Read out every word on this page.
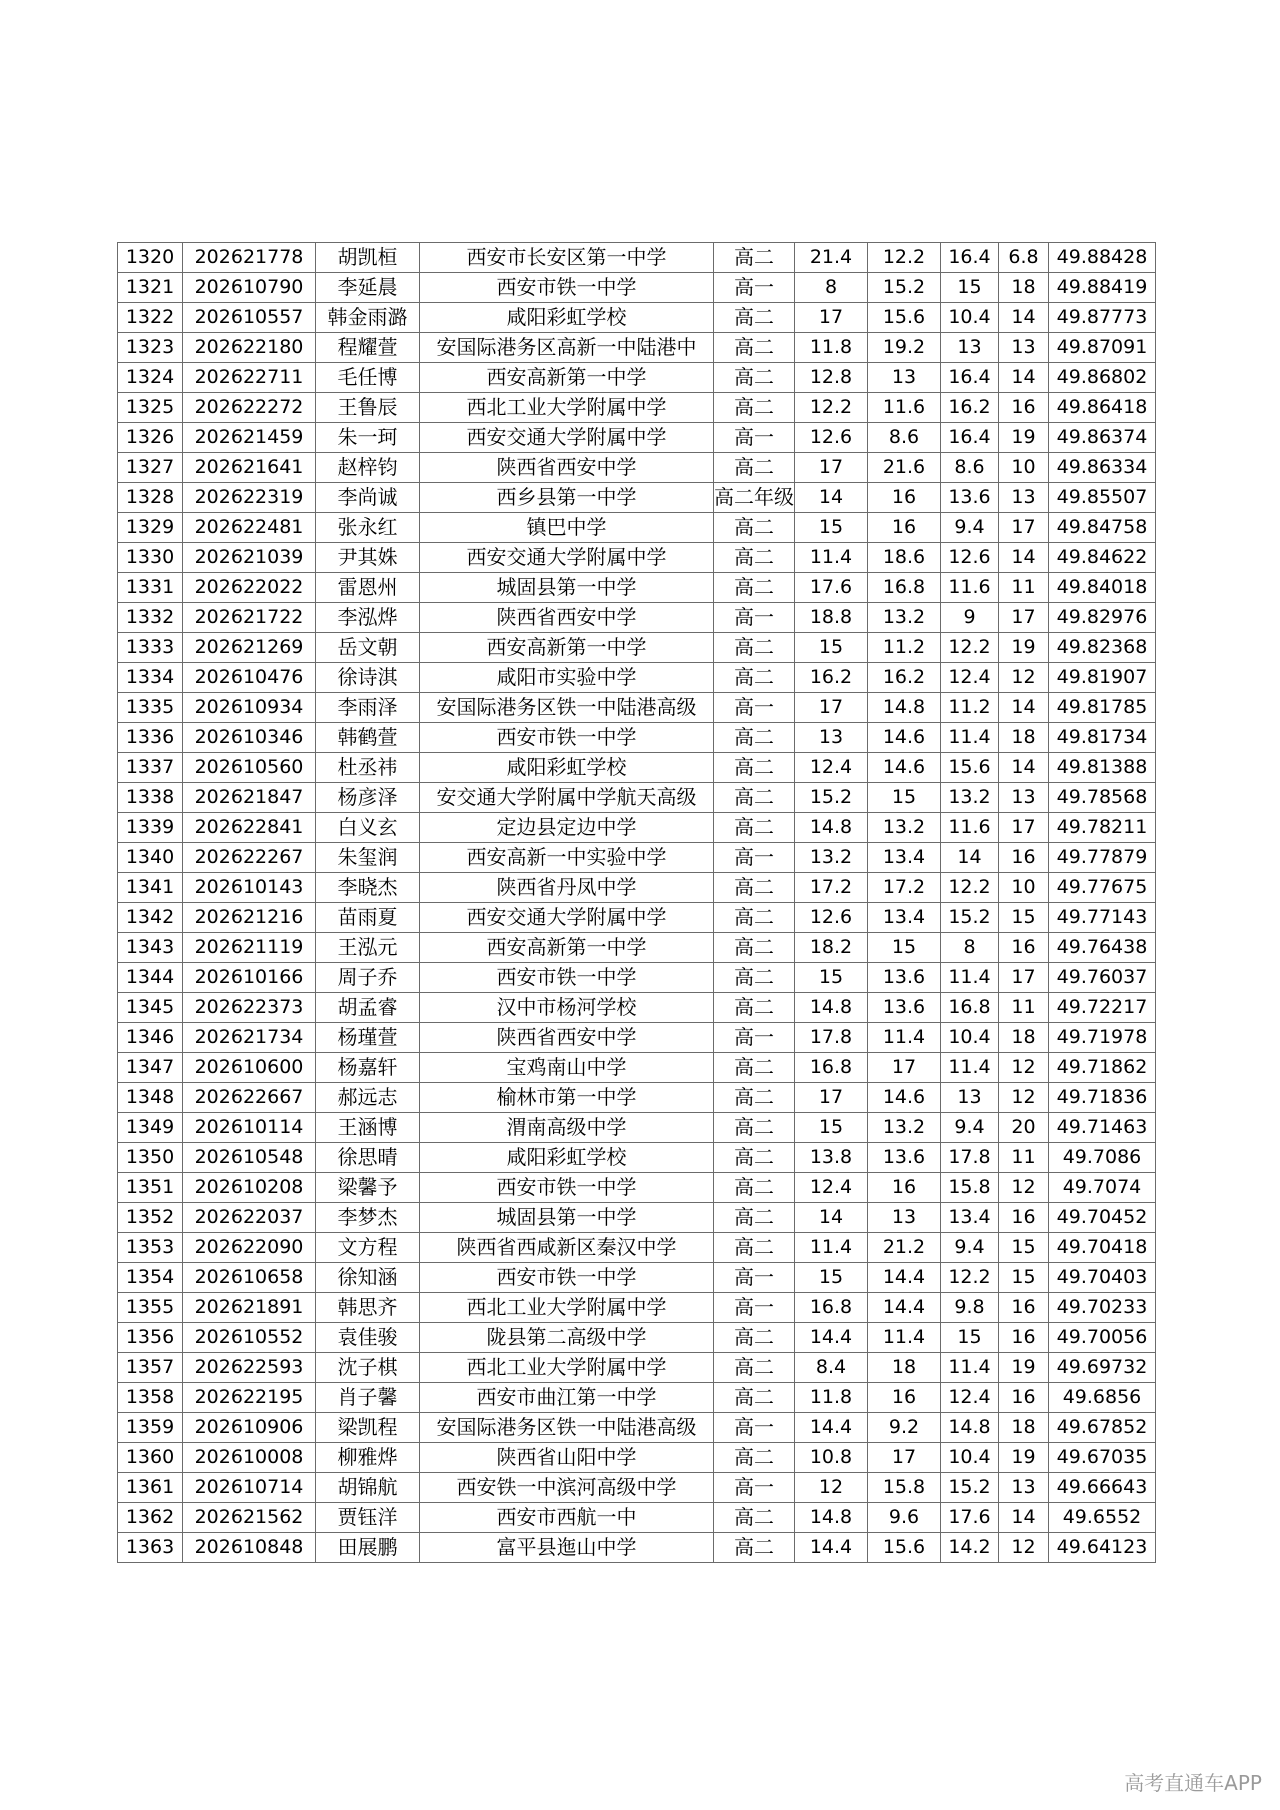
1320	202621778	胡凯桓	西安市长安区第一中学	高二	21.4	12.2	16.4	6.8	49.88428
1321	202610790	李延晨	西安市铁一中学	高一	8	15.2	15	18	49.88419
1322	202610557	韩金雨潞	咸阳彩虹学校	高二	17	15.6	10.4	14	49.87773
1323	202622180	程耀萱	安国际港务区高新一中陆港中	高二	11.8	19.2	13	13	49.87091
1324	202622711	毛任博	西安高新第一中学	高二	12.8	13	16.4	14	49.86802
1325	202622272	王鲁辰	西北工业大学附属中学	高二	12.2	11.6	16.2	16	49.86418
1326	202621459	朱一珂	西安交通大学附属中学	高一	12.6	8.6	16.4	19	49.86374
1327	202621641	赵梓钧	陕西省西安中学	高二	17	21.6	8.6	10	49.86334
1328	202622319	李尚诚	西乡县第一中学	高二年级	14	16	13.6	13	49.85507
1329	202622481	张永红	镇巴中学	高二	15	16	9.4	17	49.84758
1330	202621039	尹其姝	西安交通大学附属中学	高二	11.4	18.6	12.6	14	49.84622
1331	202622022	雷恩州	城固县第一中学	高二	17.6	16.8	11.6	11	49.84018
1332	202621722	李泓烨	陕西省西安中学	高一	18.8	13.2	9	17	49.82976
1333	202621269	岳文朝	西安高新第一中学	高二	15	11.2	12.2	19	49.82368
1334	202610476	徐诗淇	咸阳市实验中学	高二	16.2	16.2	12.4	12	49.81907
1335	202610934	李雨泽	安国际港务区铁一中陆港高级	高一	17	14.8	11.2	14	49.81785
1336	202610346	韩鹤萱	西安市铁一中学	高二	13	14.6	11.4	18	49.81734
1337	202610560	杜丞祎	咸阳彩虹学校	高二	12.4	14.6	15.6	14	49.81388
1338	202621847	杨彦泽	安交通大学附属中学航天高级	高二	15.2	15	13.2	13	49.78568
1339	202622841	白义玄	定边县定边中学	高二	14.8	13.2	11.6	17	49.78211
1340	202622267	朱玺润	西安高新一中实验中学	高一	13.2	13.4	14	16	49.77879
1341	202610143	李晓杰	陕西省丹凤中学	高二	17.2	17.2	12.2	10	49.77675
1342	202621216	苗雨夏	西安交通大学附属中学	高二	12.6	13.4	15.2	15	49.77143
1343	202621119	王泓元	西安高新第一中学	高二	18.2	15	8	16	49.76438
1344	202610166	周子乔	西安市铁一中学	高二	15	13.6	11.4	17	49.76037
1345	202622373	胡孟睿	汉中市杨河学校	高二	14.8	13.6	16.8	11	49.72217
1346	202621734	杨瑾萱	陕西省西安中学	高一	17.8	11.4	10.4	18	49.71978
1347	202610600	杨嘉轩	宝鸡南山中学	高二	16.8	17	11.4	12	49.71862
1348	202622667	郝远志	榆林市第一中学	高二	17	14.6	13	12	49.71836
1349	202610114	王涵博	渭南高级中学	高二	15	13.2	9.4	20	49.71463
1350	202610548	徐思晴	咸阳彩虹学校	高二	13.8	13.6	17.8	11	49.7086
1351	202610208	梁馨予	西安市铁一中学	高二	12.4	16	15.8	12	49.7074
1352	202622037	李梦杰	城固县第一中学	高二	14	13	13.4	16	49.70452
1353	202622090	文方程	陕西省西咸新区秦汉中学	高二	11.4	21.2	9.4	15	49.70418
1354	202610658	徐知涵	西安市铁一中学	高一	15	14.4	12.2	15	49.70403
1355	202621891	韩思齐	西北工业大学附属中学	高一	16.8	14.4	9.8	16	49.70233
1356	202610552	袁佳骏	陇县第二高级中学	高二	14.4	11.4	15	16	49.70056
1357	202622593	沈子棋	西北工业大学附属中学	高二	8.4	18	11.4	19	49.69732
1358	202622195	肖子馨	西安市曲江第一中学	高二	11.8	16	12.4	16	49.6856
1359	202610906	梁凯程	安国际港务区铁一中陆港高级	高一	14.4	9.2	14.8	18	49.67852
1360	202610008	柳雅烨	陕西省山阳中学	高二	10.8	17	10.4	19	49.67035
1361	202610714	胡锦航	西安铁一中滨河高级中学	高一	12	15.8	15.2	13	49.66643
1362	202621562	贾钰洋	西安市西航一中	高二	14.8	9.6	17.6	14	49.6552
1363	202610848	田展鹏	富平县迤山中学	高二	14.4	15.6	14.2	12	49.64123
高考直通车APP
